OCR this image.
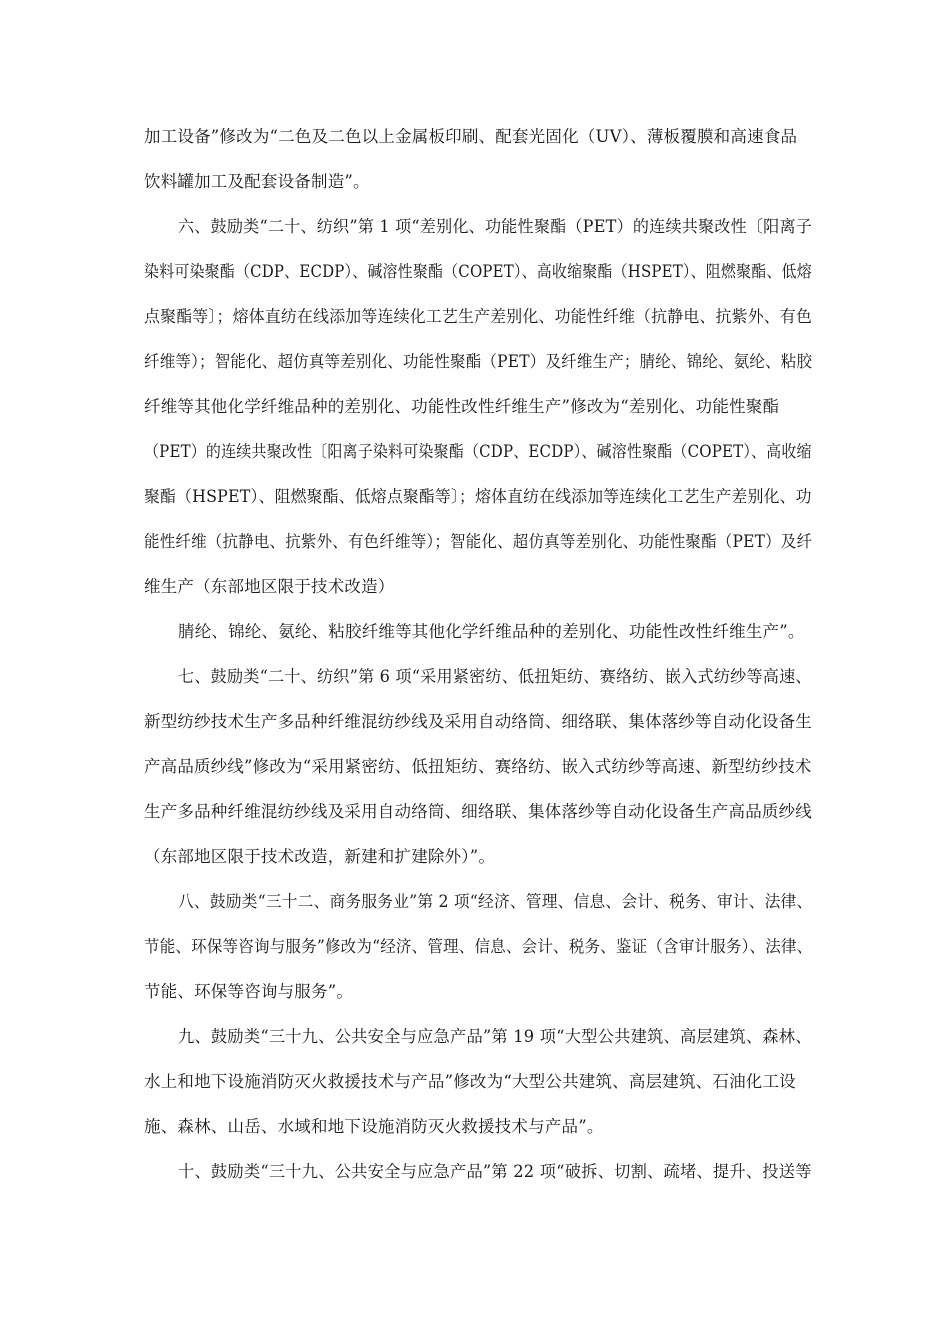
加工设备”修改为“二色及二色以上金属板印刷、配套光固化（UV）、薄板覆膜和高速食品
饮料罐加工及配套设备制造”。
六、鼓励类“二十、纺织”第 1 项“差别化、功能性聚酯（PET）的连续共聚改性〔阳离子
染料可染聚酯（CDP、ECDP）、碱溶性聚酯（COPET）、高收缩聚酯（HSPET）、阻燃聚酯、低熔
点聚酯等〕；熔体直纺在线添加等连续化工艺生产差别化、功能性纤维（抗静电、抗紫外、有色
纤维等）；智能化、超仿真等差别化、功能性聚酯（PET）及纤维生产；腈纶、锦纶、氨纶、粘胶
纤维等其他化学纤维品种的差别化、功能性改性纤维生产”修改为“差别化、功能性聚酯
（PET）的连续共聚改性〔阳离子染料可染聚酯（CDP、ECDP）、碱溶性聚酯（COPET）、高收缩
聚酯（HSPET）、阻燃聚酯、低熔点聚酯等〕；熔体直纺在线添加等连续化工艺生产差别化、功
能性纤维（抗静电、抗紫外、有色纤维等）；智能化、超仿真等差别化、功能性聚酯（PET）及纤
维生产（东部地区限于技术改造）
腈纶、锦纶、氨纶、粘胶纤维等其他化学纤维品种的差别化、功能性改性纤维生产”。
七、鼓励类“二十、纺织”第 6 项“采用紧密纺、低扭矩纺、赛络纺、嵌入式纺纱等高速、
新型纺纱技术生产多品种纤维混纺纱线及采用自动络筒、细络联、集体落纱等自动化设备生
产高品质纱线”修改为“采用紧密纺、低扭矩纺、赛络纺、嵌入式纺纱等高速、新型纺纱技术
生产多品种纤维混纺纱线及采用自动络筒、细络联、集体落纱等自动化设备生产高品质纱线
（东部地区限于技术改造，新建和扩建除外）”。
八、鼓励类“三十二、商务服务业”第 2 项“经济、管理、信息、会计、税务、审计、法律、
节能、环保等咨询与服务”修改为“经济、管理、信息、会计、税务、鉴证（含审计服务）、法律、
节能、环保等咨询与服务”。
九、鼓励类“三十九、公共安全与应急产品”第 19 项“大型公共建筑、高层建筑、森林、
水上和地下设施消防灭火救援技术与产品”修改为“大型公共建筑、高层建筑、石油化工设
施、森林、山岳、水域和地下设施消防灭火救援技术与产品”。
十、鼓励类“三十九、公共安全与应急产品”第 22 项“破拆、切割、疏堵、提升、投送等
